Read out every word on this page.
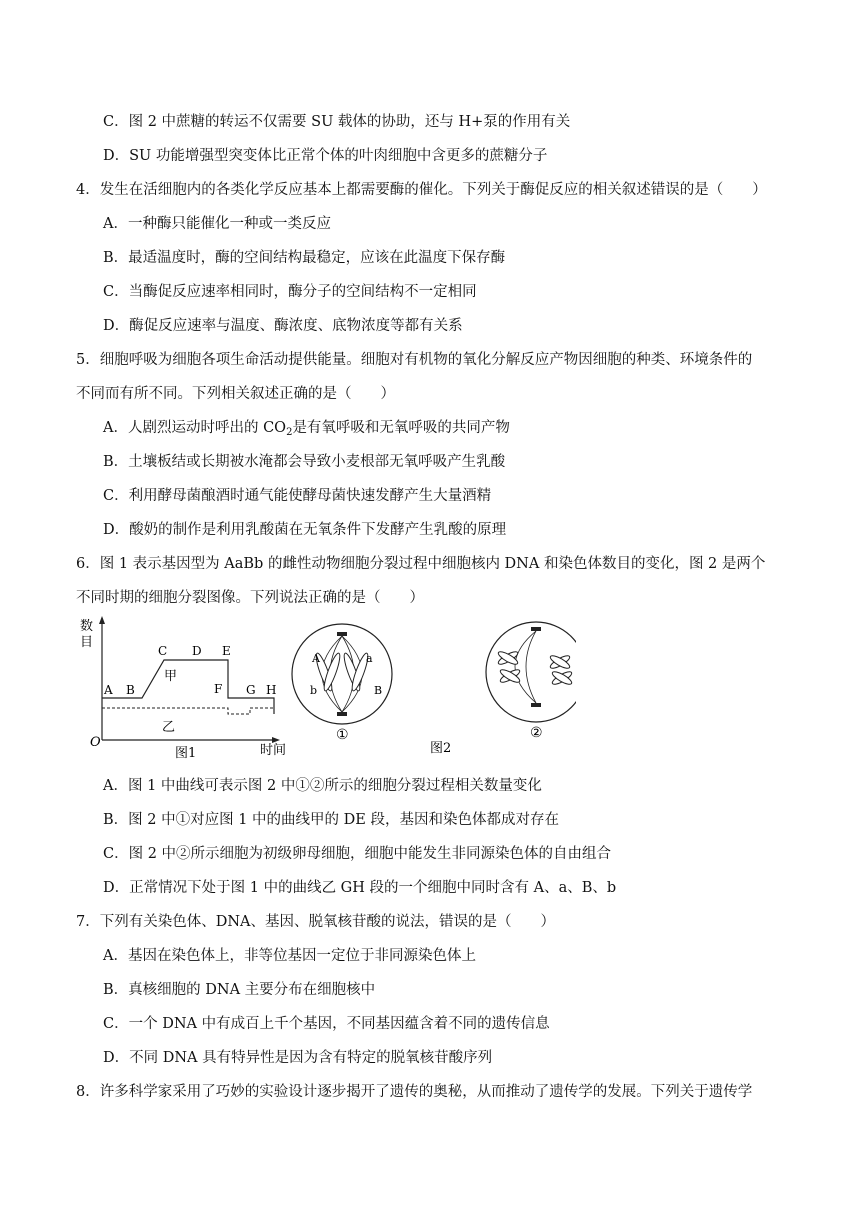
C．图 2 中蔗糖的转运不仅需要 SU 载体的协助，还与 H+泵的作用有关
D．SU 功能增强型突变体比正常个体的叶肉细胞中含更多的蔗糖分子
4．发生在活细胞内的各类化学反应基本上都需要酶的催化。下列关于酶促反应的相关叙述错误的是（　　）
A．一种酶只能催化一种或一类反应
B．最适温度时，酶的空间结构最稳定，应该在此温度下保存酶
C．当酶促反应速率相同时，酶分子的空间结构不一定相同
D．酶促反应速率与温度、酶浓度、底物浓度等都有关系
5．细胞呼吸为细胞各项生命活动提供能量。细胞对有机物的氧化分解反应产物因细胞的种类、环境条件的
不同而有所不同。下列相关叙述正确的是（　　）
A．人剧烈运动时呼出的 $CO_2$是有氧呼吸和无氧呼吸的共同产物
B．土壤板结或长期被水淹都会导致小麦根部无氧呼吸产生乳酸
C．利用酵母菌酿酒时通气能使酵母菌快速发酵产生大量酒精
D．酸奶的制作是利用乳酸菌在无氧条件下发酵产生乳酸的原理
6．图 1 表示基因型为 AaBb 的雌性动物细胞分裂过程中细胞核内 DNA 和染色体数目的变化，图 2 是两个
不同时期的细胞分裂图像。下列说法正确的是（　　）
数
目
O
时间
图1
甲
乙
A B
C D E
F G H
A	a
B
b
①
图2
②
A．图 1 中曲线可表示图 2 中①②所示的细胞分裂过程相关数量变化
B．图 2 中①对应图 1 中的曲线甲的 DE 段，基因和染色体都成对存在
C．图 2 中②所示细胞为初级卵母细胞，细胞中能发生非同源染色体的自由组合
D．正常情况下处于图 1 中的曲线乙 GH 段的一个细胞中同时含有 A、a、B、b
7．下列有关染色体、DNA、基因、脱氧核苷酸的说法，错误的是（　　）
A．基因在染色体上，非等位基因一定位于非同源染色体上
B．真核细胞的 DNA 主要分布在细胞核中
C．一个 DNA 中有成百上千个基因，不同基因蕴含着不同的遗传信息
D．不同 DNA 具有特异性是因为含有特定的脱氧核苷酸序列
8．许多科学家采用了巧妙的实验设计逐步揭开了遗传的奥秘，从而推动了遗传学的发展。下列关于遗传学
